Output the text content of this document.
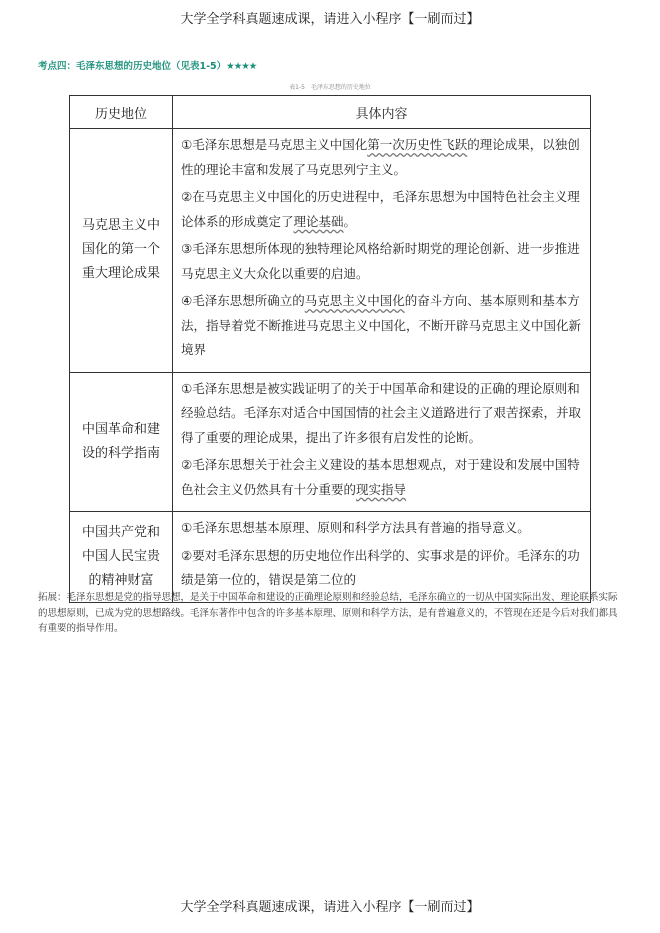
大学全学科真题速成课，请进入小程序【一刷而过】
考点四：毛泽东思想的历史地位（见表1-5）★★★★
表1-5　毛泽东思想的历史地位
历史地位	具体内容
马克思主义中国化的第一个重大理论成果	①毛泽东思想是马克思主义中国化第一次历史性飞跃的理论成果，以独创性的理论丰富和发展了马克思列宁主义。

②在马克思主义中国化的历史进程中，毛泽东思想为中国特色社会主义理论体系的形成奠定了理论基础。

③毛泽东思想所体现的独特理论风格给新时期党的理论创新、进一步推进马克思主义大众化以重要的启迪。

④毛泽东思想所确立的马克思主义中国化的奋斗方向、基本原则和基本方法，指导着党不断推进马克思主义中国化，不断开辟马克思主义中国化新境界

中国革命和建设的科学指南	①毛泽东思想是被实践证明了的关于中国革命和建设的正确的理论原则和经验总结。毛泽东对适合中国国情的社会主义道路进行了艰苦探索，并取得了重要的理论成果，提出了许多很有启发性的论断。

②毛泽东思想关于社会主义建设的基本思想观点，对于建设和发展中国特色社会主义仍然具有十分重要的现实指导

中国共产党和中国人民宝贵的精神财富	①毛泽东思想基本原理、原则和科学方法具有普遍的指导意义。

②要对毛泽东思想的历史地位作出科学的、实事求是的评价。毛泽东的功绩是第一位的，错误是第二位的

拓展：毛泽东思想是党的指导思想，是关于中国革命和建设的正确理论原则和经验总结，毛泽东确立的一切从中国实际出发、理论联系实际的思想原则，已成为党的思想路线。毛泽东著作中包含的许多基本原理、原则和科学方法，是有普遍意义的，不管现在还是今后对我们都具有重要的指导作用。
大学全学科真题速成课，请进入小程序【一刷而过】
